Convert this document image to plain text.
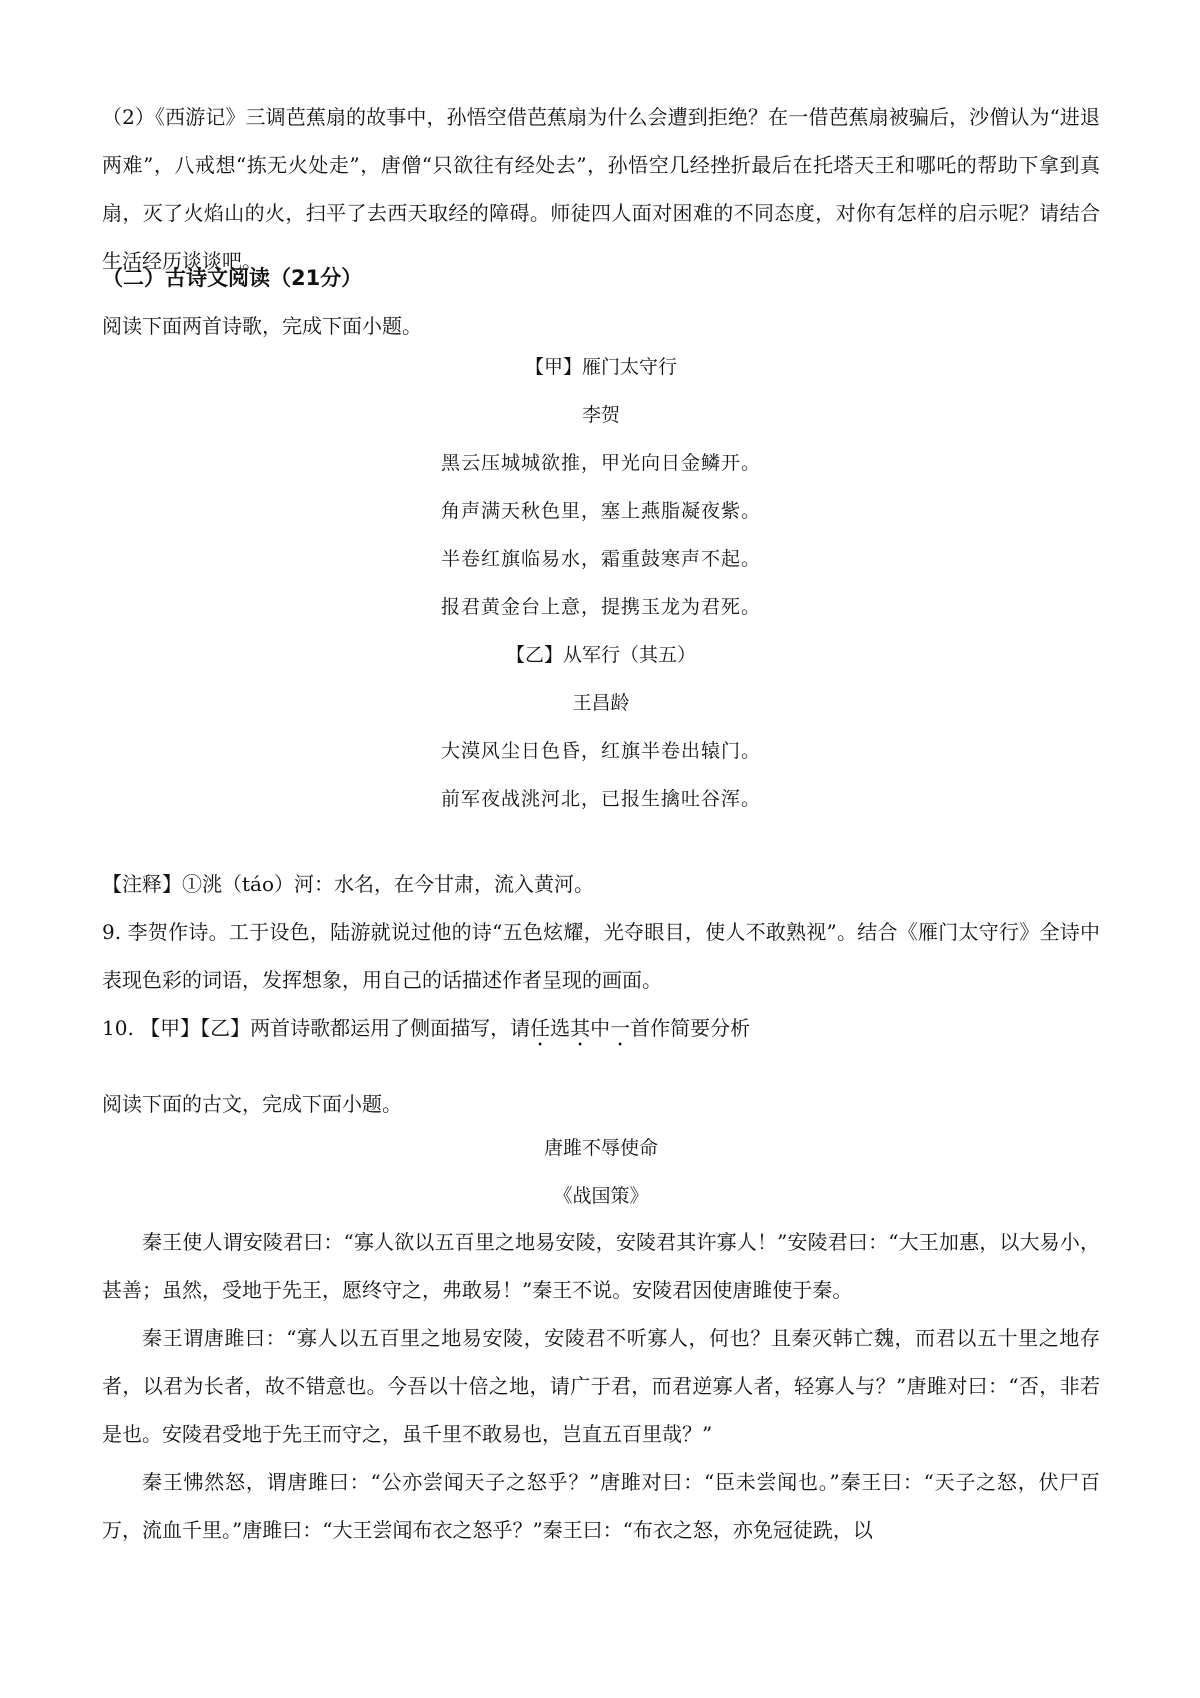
（2）《西游记》三调芭蕉扇的故事中，孙悟空借芭蕉扇为什么会遭到拒绝？在一借芭蕉扇被骗后，沙僧认为“进退两难”，八戒想“拣无火处走”，唐僧“只欲往有经处去”，孙悟空几经挫折最后在托塔天王和哪吒的帮助下拿到真扇，灭了火焰山的火，扫平了去西天取经的障碍。师徒四人面对困难的不同态度，对你有怎样的启示呢？请结合生活经历谈谈吧。

（二）古诗文阅读（21分）

阅读下面两首诗歌，完成下面小题。

【甲】雁门太守行
李贺
黑云压城城欲推，甲光向日金鳞开。
角声满天秋色里，塞上燕脂凝夜紫。
半卷红旗临易水，霜重鼓寒声不起。
报君黄金台上意，提携玉龙为君死。
【乙】从军行（其五）
王昌龄
大漠风尘日色昏，红旗半卷出辕门。
前军夜战洮河北，已报生擒吐谷浑。

【注释】①洮（táo）河：水名，在今甘肃，流入黄河。

9. 李贺作诗。工于设色，陆游就说过他的诗“五色炫耀，光夺眼目，使人不敢熟视”。结合《雁门太守行》全诗中表现色彩的词语，发挥想象，用自己的话描述作者呈现的画面。

10. 【甲】【乙】两首诗歌都运用了侧面描写，请任选其中一首作简要分析

阅读下面的古文，完成下面小题。

唐雎不辱使命
《战国策》

秦王使人谓安陵君曰：“寡人欲以五百里之地易安陵，安陵君其许寡人！”安陵君曰：“大王加惠，以大易小，甚善；虽然，受地于先王，愿终守之，弗敢易！”秦王不说。安陵君因使唐雎使于秦。

秦王谓唐雎曰：“寡人以五百里之地易安陵，安陵君不听寡人，何也？且秦灭韩亡魏，而君以五十里之地存者，以君为长者，故不错意也。今吾以十倍之地，请广于君，而君逆寡人者，轻寡人与？”唐雎对曰：“否，非若是也。安陵君受地于先王而守之，虽千里不敢易也，岂直五百里哉？”

秦王怫然怒，谓唐雎曰：“公亦尝闻天子之怒乎？”唐雎对曰：“臣未尝闻也。”秦王曰：“天子之怒，伏尸百万，流血千里。”唐雎曰：“大王尝闻布衣之怒乎？”秦王曰：“布衣之怒，亦免冠徒跣，以
